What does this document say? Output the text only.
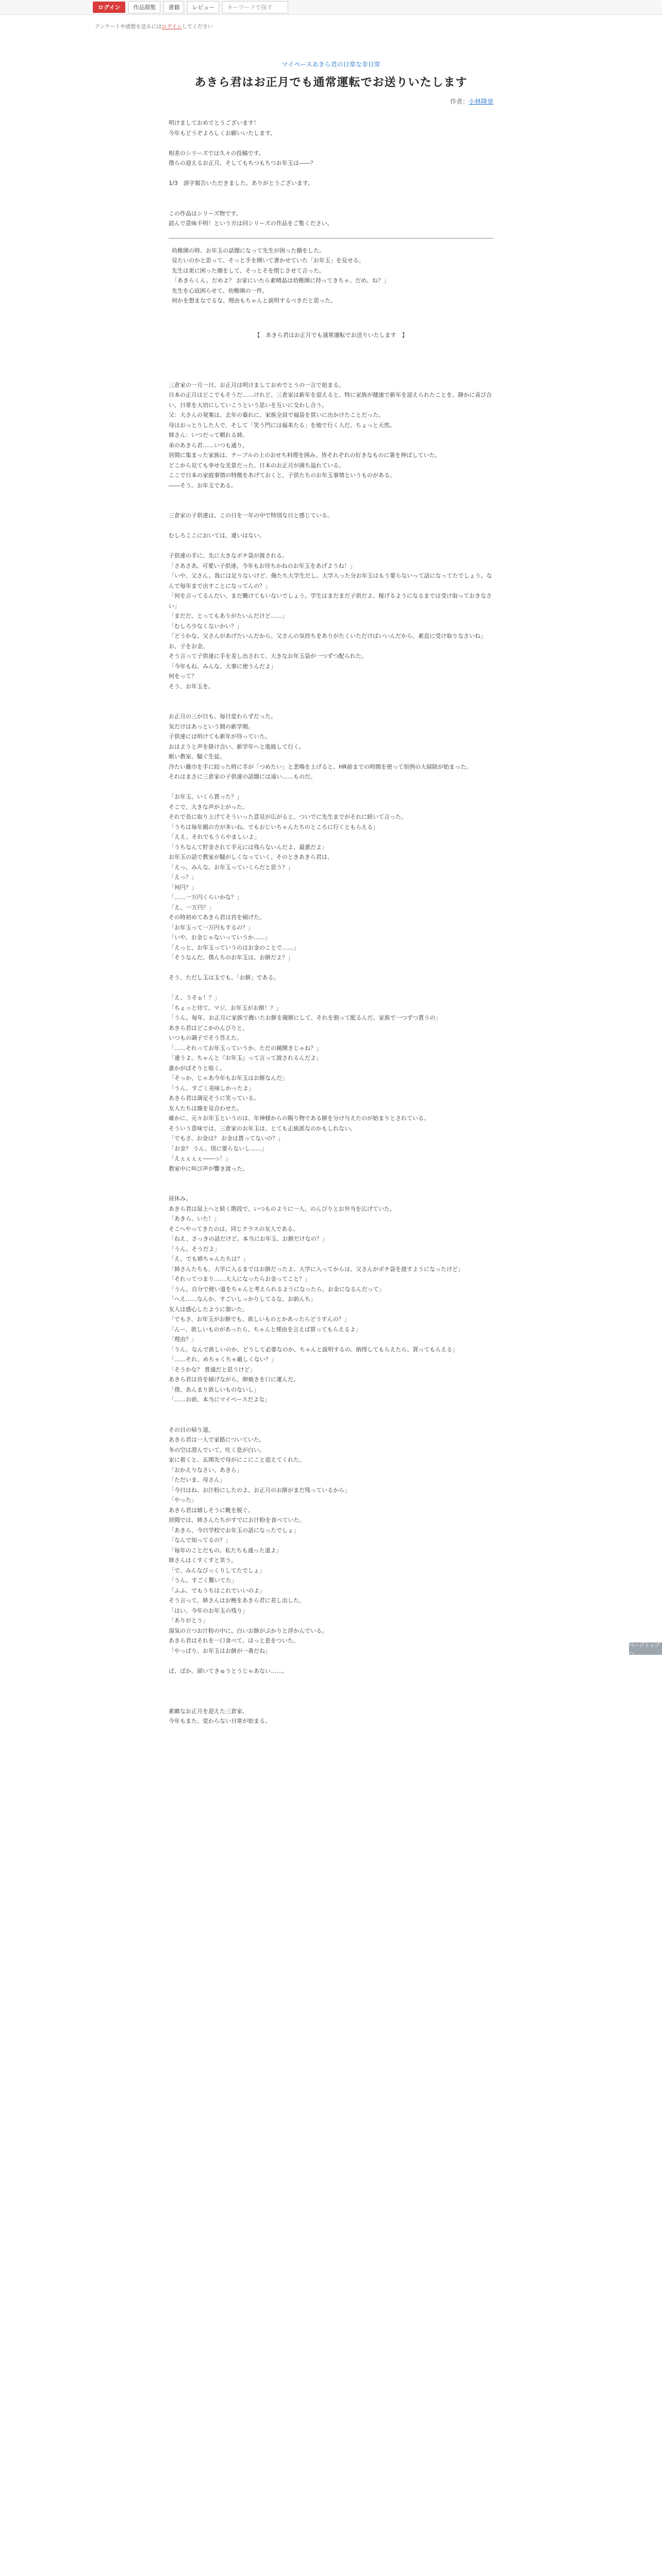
ログイン	作品閲覧	書籍	レビュー	キーワードで探す
アンケートや感想を送るにはログインしてください
マイペースあきら君の日常な非日常
あきら君はお正月でも通常運転でお送りいたします
作者：小林降章
明けましておめでとうございます！
今年もどうぞよろしくお願いいたします。

相差のシリーズでは久々の投稿です。
僕らの迎えるお正月、そしてもちつもちつお年玉は――？

1/3　誤字報告いただきました。ありがとうございます。

この作品はシリーズ物です。
読んで意味不明！という方は同シリーズの作品をご覧ください。
幼稚園の時、お年玉の話題になって先生が困った顔をした。
見たいのかと思って、そっと手を開いて書かせていた「お年玉」を見せる。
先生は更に困った顔をして、そっとそを閉じさせて言った。
「あきらくん。だめよ？ お家にいたら素晴晶は幼稚園に持ってきちゃ、だめ。ね？」
先生を心底困らせて、幼稚園の一件。
何かを想まなでるな、理由もちゃんと説明するべきだと思った。
【　あきら君はお正月でも通常運転でお送りいたします　】
三倉家の一月一日。お正月は明けましておめでとうの一言で始まる。
日本の正月はどこでもそうだ……けれど、三倉家は新年を迎えると、特に家族が健康で新年を迎えられたことを、静かに喜び合い、日常を大切にしていこうという思いを互いに交わし合う。
父：大さんの発案は、去年の暮れに、家族全員で福袋を買いに出かけたことだった。
母はおっとりした人で、そして「笑う門には福来たる」を地で行く人だ。ちょっと天然。
姉さん：いつだって頼れる姉。
弟のあきら君……いつも通り。
居間に集まった家族は、テーブルの上のおせち料理を囲み、皆それぞれの好きなものに箸を伸ばしていた。
どこから見ても幸せな光景だった。日本のお正月が満ち溢れている。
ここで日本の家庭事情の特徴をあげておくと、子供たちのお年玉事情というものがある。
――そう。お年玉である。

三倉家の子供達は、この日を一年の中で特別な日と感じている。

むしろここにおいては、違いはない。

子供達の手に、先に大きなポチ袋が渡される。
「さあさあ、可愛い子供達。今年もお待ちかねのお年玉をあげようね！」
「いや、父さん。我には足りないけど、俺たち大学生だし。大学入った分お年玉はもう要らないって話になってたでしょう。なんで毎年まで出すことになってんの？」
「何を言ってるんだい。まだ働けてもいないでしょう。学生はまだまだ子供だよ、稼げるようになるまでは受け取っておきなさい」
「まだだ、とってもありがたいんだけど……」
「むしろ少なくないかい？」
「どうかな、父さんがあげたいんだから、父さんの気持ちをありがたくいただけばいいんだから、素直に受け取りなさいね」
お、子をお金。
そう言って子供達に手を差し出されて、大きなお年玉袋が一つずつ配られた。
「今年もね、みんな。大事に使うんだよ」
何をって？
そう、お年玉を。

お正月の三が日も、毎日変わらずだった。
気だけはあっという間の新学期。
子供達には明けても新年が待っていた。
おはようと声を掛け合い、新学年へと進級して行く。
眠い教室、騒ぐ生徒。
冷たい雑巾を手に絞った時に手が「つめたい」と悲鳴を上げると、HR前までの時間を使って恒例の大掃除が始まった。
それはまさに三倉家の子供達の話題には遠い……ものだ。

「お年玉、いくら貰った？」
そこで、大きな声が上がった。
それで長に取り上げてそういった意見が広がると、ついでに先生までがそれに続いて言った。
「うちは毎年親の方が多いね。でもおじいちゃんたちのところに行くともらえる」
「ええ、それでもうらやましいよ」
「うちなんて貯金されて手元には残らないんだよ、最悪だよ」
お年玉の話で教室が騒がしくなっていく。そのときあきら君は、
「えっ、みんな。お年玉っていくらだと思う？」
「えっ？」
「何円？」
「……一万円くらいかな？」
「え、一万円？」
その時初めてあきら君は首を傾げた。
「お年玉って一万円もするの？」
「いや、お金じゃないっていうか……」
「えっと、お年玉っていうのはお金のことで……」
「そうなんだ。僕んちのお年玉は、お餅だよ？」

そう、ただし玉は玉でも、「お餅」である。

「え、うそぉ！？」
「ちょっと待て。マジ、お年玉がお餅！？」
「うん。毎年、お正月に家族で搗いたお餅を鏡餅にして、それを割って配るんだ。家族で一つずつ貰うの」
あきら君はどこかのんびりと、
いつもの調子でそう答えた。
「……それってお年玉っていうか、ただの鏡開きじゃね？」
「違うよ。ちゃんと『お年玉』って言って渡されるんだよ」
誰かがぼそりと呟く。
「そっか、じゃあ今年もお年玉はお餅なんだ」
「うん。すごく美味しかったよ」
あきら君は満足そうに笑っている。
友人たちは顔を見合わせた。
確かに、元々お年玉というのは、年神様からの賜り物である餅を分け与えたのが始まりとされている。
そういう意味では、三倉家のお年玉は、とても正統派なのかもしれない。
「でもさ、お金は？ お金は貰ってないの？」
「お金？ うん、別に要らないし……」
「えぇぇぇぇ――っ！」
教室中に叫び声が響き渡った。

昼休み。
あきら君は屋上へと続く階段で、いつものように一人、のんびりとお弁当を広げていた。
「あきら、いた！」
そこへやってきたのは、同じクラスの友人である。
「ねえ、さっきの話だけど。本当にお年玉、お餅だけなの？」
「うん。そうだよ」
「え、でも姉ちゃんたちは？」
「姉さんたちも、大学に入るまではお餅だったよ。大学に入ってからは、父さんがポチ袋を渡すようになったけど」
「それってつまり……大人になったらお金ってこと？」
「うん。自分で使い道をちゃんと考えられるようになったら、お金になるんだって」
「へえ……なんか、すごいしっかりしてるな、お前んち」
友人は感心したように頷いた。
「でもさ、お年玉がお餅でも、欲しいものとかあったらどうすんの？」
「んー、欲しいものがあったら、ちゃんと理由を言えば買ってもらえるよ」
「理由？」
「うん。なんで欲しいのか、どうして必要なのか、ちゃんと説明するの。納得してもらえたら、買ってもらえる」
「……それ、めちゃくちゃ厳しくない？」
「そうかな？ 普通だと思うけど」
あきら君は首を傾げながら、卵焼きを口に運んだ。
「僕、あんまり欲しいものないし」
「……お前、本当にマイペースだよな」

その日の帰り道。
あきら君は一人で家路についていた。
冬の空は澄んでいて、吐く息が白い。
家に着くと、玄関先で母がにこにこと迎えてくれた。
「おかえりなさい、あきら」
「ただいま、母さん」
「今日はね、お汁粉にしたのよ。お正月のお餅がまだ残っているから」
「やった」
あきら君は嬉しそうに靴を脱ぐ。
居間では、姉さんたちがすでにお汁粉を食べていた。
「あきら、今日学校でお年玉の話になったでしょ」
「なんで知ってるの？」
「毎年のことだもの。私たちも通った道よ」
姉さんはくすくすと笑う。
「で、みんなびっくりしてたでしょ」
「うん。すごく驚いてた」
「ふふ、でもうちはこれでいいのよ」
そう言って、姉さんはお椀をあきら君に差し出した。
「はい、今年のお年玉の残り」
「ありがとう」
湯気の立つお汁粉の中に、白いお餅がぷかりと浮かんでいる。
あきら君はそれを一口食べて、ほっと息をついた。
「やっぱり、お年玉はお餅が一番だね」

ば、ばか。頭いてきゅうとうじゃあない……。

素敵なお正月を迎えた三倉家。
今年もまた、変わらない日常が始まる。

ページトップへ
